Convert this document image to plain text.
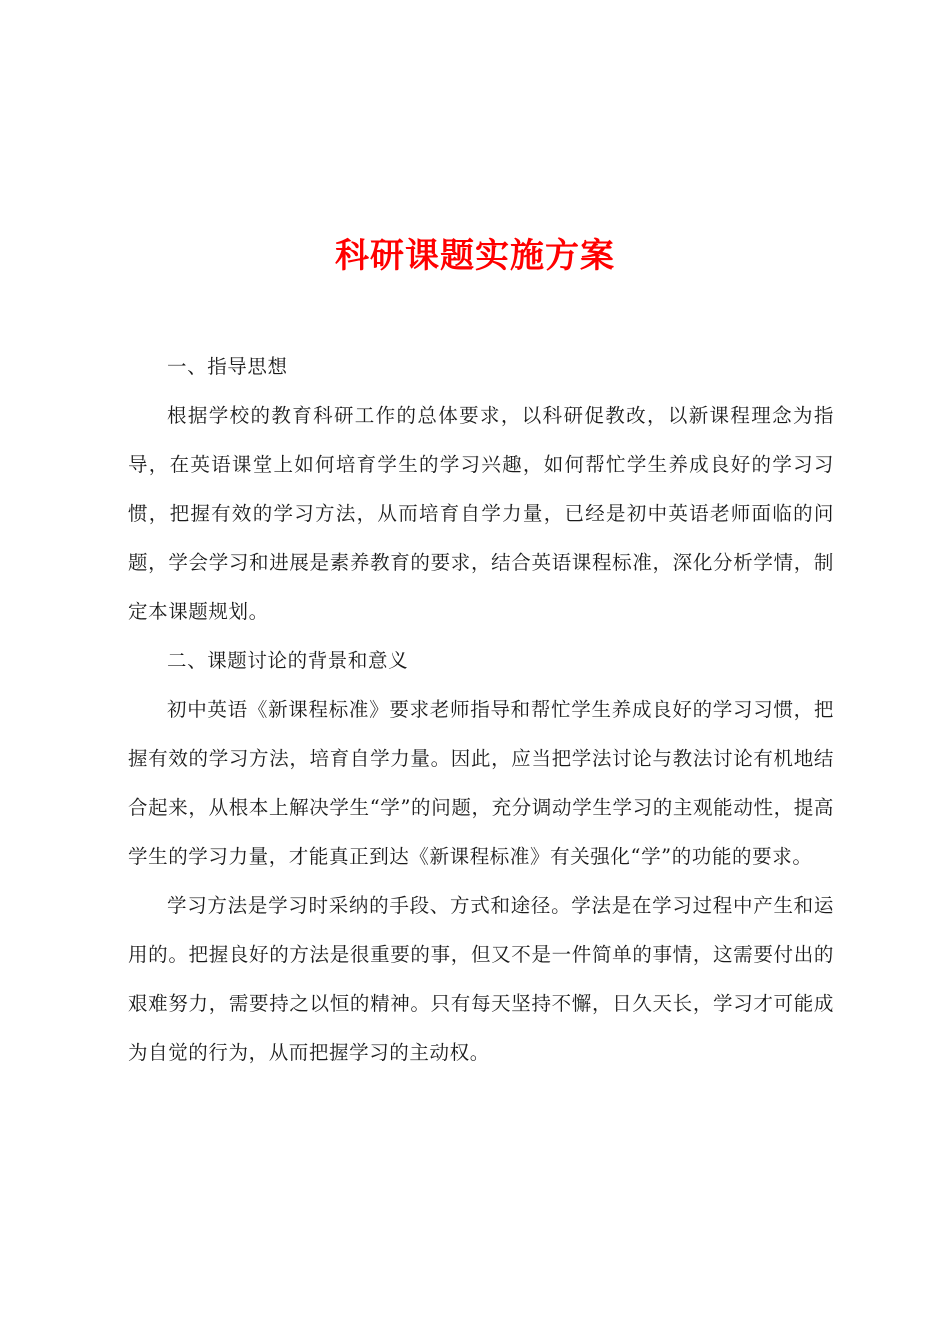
科研课题实施方案

一、指导思想

根据学校的教育科研工作的总体要求，以科研促教改，以新课程理念为指导，在英语课堂上如何培育学生的学习兴趣，如何帮忙学生养成良好的学习习惯，把握有效的学习方法，从而培育自学力量，已经是初中英语老师面临的问题，学会学习和进展是素养教育的要求，结合英语课程标准，深化分析学情，制定本课题规划。

二、课题讨论的背景和意义

初中英语《新课程标准》要求老师指导和帮忙学生养成良好的学习习惯，把握有效的学习方法，培育自学力量。因此，应当把学法讨论与教法讨论有机地结合起来，从根本上解决学生“学”的问题，充分调动学生学习的主观能动性，提高学生的学习力量，才能真正到达《新课程标准》有关强化“学”的功能的要求。

学习方法是学习时采纳的手段、方式和途径。学法是在学习过程中产生和运用的。把握良好的方法是很重要的事，但又不是一件简单的事情，这需要付出的艰难努力，需要持之以恒的精神。只有每天坚持不懈，日久天长，学习才可能成为自觉的行为，从而把握学习的主动权。
